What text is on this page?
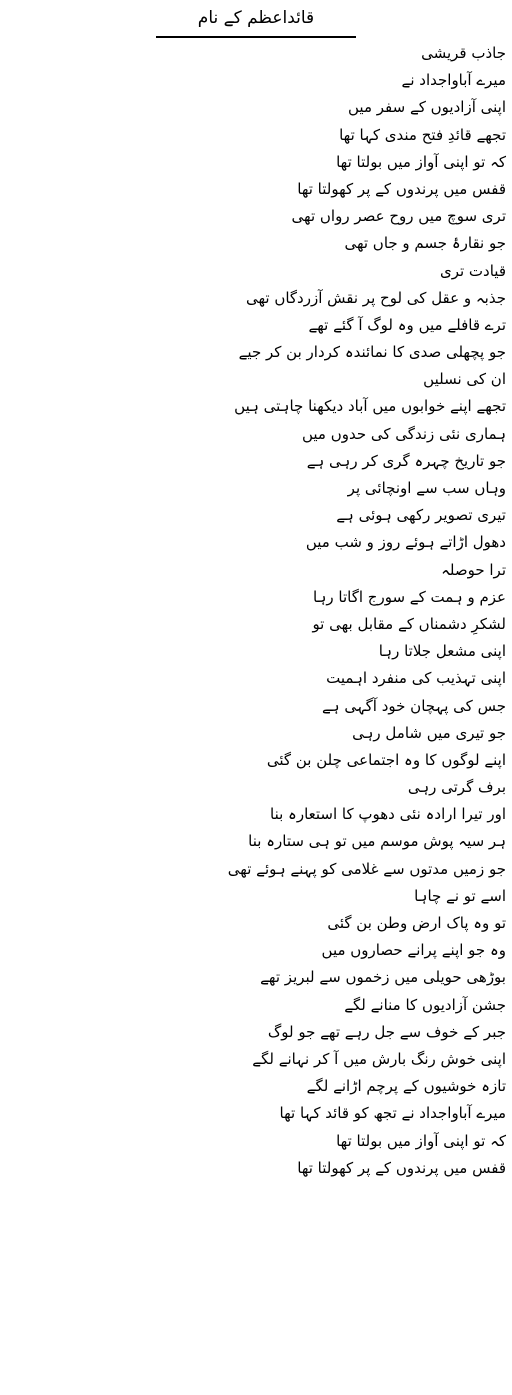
قائداعظم کے نام
جاذب قریشی
میرے آباواجداد نے
اپنی آزادیوں کے سفر میں
تجھے قائدِ فتح مندی کہا تھا
کہ تو اپنی آواز میں بولتا تھا
قفس میں پرندوں کے پر کھولتا تھا
تری سوچ میں روح عصر رواں تھی
جو نقارۂ جسم و جاں تھی
قیادت تری
جذبہ و عقل کی لوح پر نقش آزردگاں تھی
ترے قافلے میں وہ لوگ آ گئے تھے
جو پچھلی صدی کا نمائندہ کردار بن کر جیے
ان کی نسلیں
تجھے اپنے خوابوں میں آباد دیکھنا چاہتی ہیں
ہماری نئی زندگی کی حدوں میں
جو تاریخ چہرہ گری کر رہی ہے
وہاں سب سے اونچائی پر
تیری تصویر رکھی ہوئی ہے
دھول اڑاتے ہوئے روز و شب میں
ترا حوصلہ
عزم و ہمت کے سورج اگاتا رہا
لشکرِ دشمناں کے مقابل بھی تو
اپنی مشعل جلاتا رہا
اپنی تہذیب کی منفرد اہمیت
جس کی پہچان خود آگہی ہے
جو تیری میں شامل رہی
اپنے لوگوں کا وہ اجتماعی چلن بن گئی
برف گرتی رہی
اور تیرا ارادہ نئی دھوپ کا استعارہ بنا
ہر سیہ پوش موسم میں تو ہی ستارہ بنا
جو زمیں مدتوں سے غلامی کو پہنے ہوئے تھی
اسے تو نے چاہا
تو وہ پاک ارض وطن بن گئی
وہ جو اپنے پرانے حصاروں میں
بوڑھی حویلی میں زخموں سے لبریز تھے
جشن آزادیوں کا منانے لگے
جبر کے خوف سے جل رہے تھے جو لوگ
اپنی خوش رنگ بارش میں آ کر نہانے لگے
تازہ خوشیوں کے پرچم اڑانے لگے
میرے آباواجداد نے تجھ کو قائد کہا تھا
کہ تو اپنی آواز میں بولتا تھا
قفس میں پرندوں کے پر کھولتا تھا
